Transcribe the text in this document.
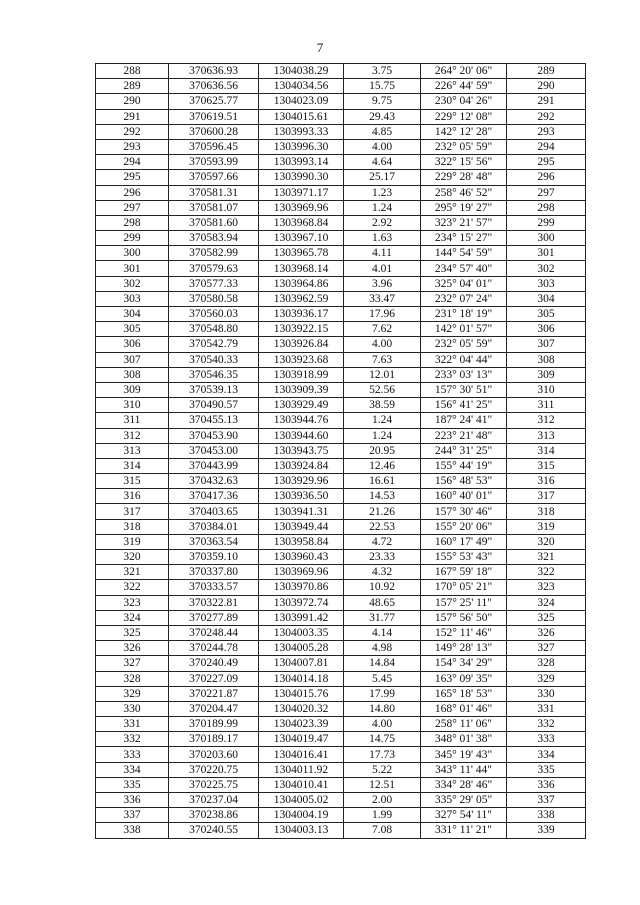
7
288	370636.93	1304038.29	3.75	264° 20' 06"	289
289	370636.56	1304034.56	15.75	226° 44' 59"	290
290	370625.77	1304023.09	9.75	230° 04' 26"	291
291	370619.51	1304015.61	29.43	229° 12' 08"	292
292	370600.28	1303993.33	4.85	142° 12' 28"	293
293	370596.45	1303996.30	4.00	232° 05' 59"	294
294	370593.99	1303993.14	4.64	322° 15' 56"	295
295	370597.66	1303990.30	25.17	229° 28' 48"	296
296	370581.31	1303971.17	1.23	258° 46' 52"	297
297	370581.07	1303969.96	1.24	295° 19' 27"	298
298	370581.60	1303968.84	2.92	323° 21' 57"	299
299	370583.94	1303967.10	1.63	234° 15' 27"	300
300	370582.99	1303965.78	4.11	144° 54' 59"	301
301	370579.63	1303968.14	4.01	234° 57' 40"	302
302	370577.33	1303964.86	3.96	325° 04' 01"	303
303	370580.58	1303962.59	33.47	232° 07' 24"	304
304	370560.03	1303936.17	17.96	231° 18' 19"	305
305	370548.80	1303922.15	7.62	142° 01' 57"	306
306	370542.79	1303926.84	4.00	232° 05' 59"	307
307	370540.33	1303923.68	7.63	322° 04' 44"	308
308	370546.35	1303918.99	12.01	233° 03' 13"	309
309	370539.13	1303909.39	52.56	157° 30' 51"	310
310	370490.57	1303929.49	38.59	156° 41' 25"	311
311	370455.13	1303944.76	1.24	187° 24' 41"	312
312	370453.90	1303944.60	1.24	223° 21' 48"	313
313	370453.00	1303943.75	20.95	244° 31' 25"	314
314	370443.99	1303924.84	12.46	155° 44' 19"	315
315	370432.63	1303929.96	16.61	156° 48' 53"	316
316	370417.36	1303936.50	14.53	160° 40' 01"	317
317	370403.65	1303941.31	21.26	157° 30' 46"	318
318	370384.01	1303949.44	22.53	155° 20' 06"	319
319	370363.54	1303958.84	4.72	160° 17' 49"	320
320	370359.10	1303960.43	23.33	155° 53' 43"	321
321	370337.80	1303969.96	4.32	167° 59' 18"	322
322	370333.57	1303970.86	10.92	170° 05' 21"	323
323	370322.81	1303972.74	48.65	157° 25' 11"	324
324	370277.89	1303991.42	31.77	157° 56' 50"	325
325	370248.44	1304003.35	4.14	152° 11' 46"	326
326	370244.78	1304005.28	4.98	149° 28' 13"	327
327	370240.49	1304007.81	14.84	154° 34' 29"	328
328	370227.09	1304014.18	5.45	163° 09' 35"	329
329	370221.87	1304015.76	17.99	165° 18' 53"	330
330	370204.47	1304020.32	14.80	168° 01' 46"	331
331	370189.99	1304023.39	4.00	258° 11' 06"	332
332	370189.17	1304019.47	14.75	348° 01' 38"	333
333	370203.60	1304016.41	17.73	345° 19' 43"	334
334	370220.75	1304011.92	5.22	343° 11' 44"	335
335	370225.75	1304010.41	12.51	334° 28' 46"	336
336	370237.04	1304005.02	2.00	335° 29' 05"	337
337	370238.86	1304004.19	1.99	327° 54' 11"	338
338	370240.55	1304003.13	7.08	331° 11' 21"	339
